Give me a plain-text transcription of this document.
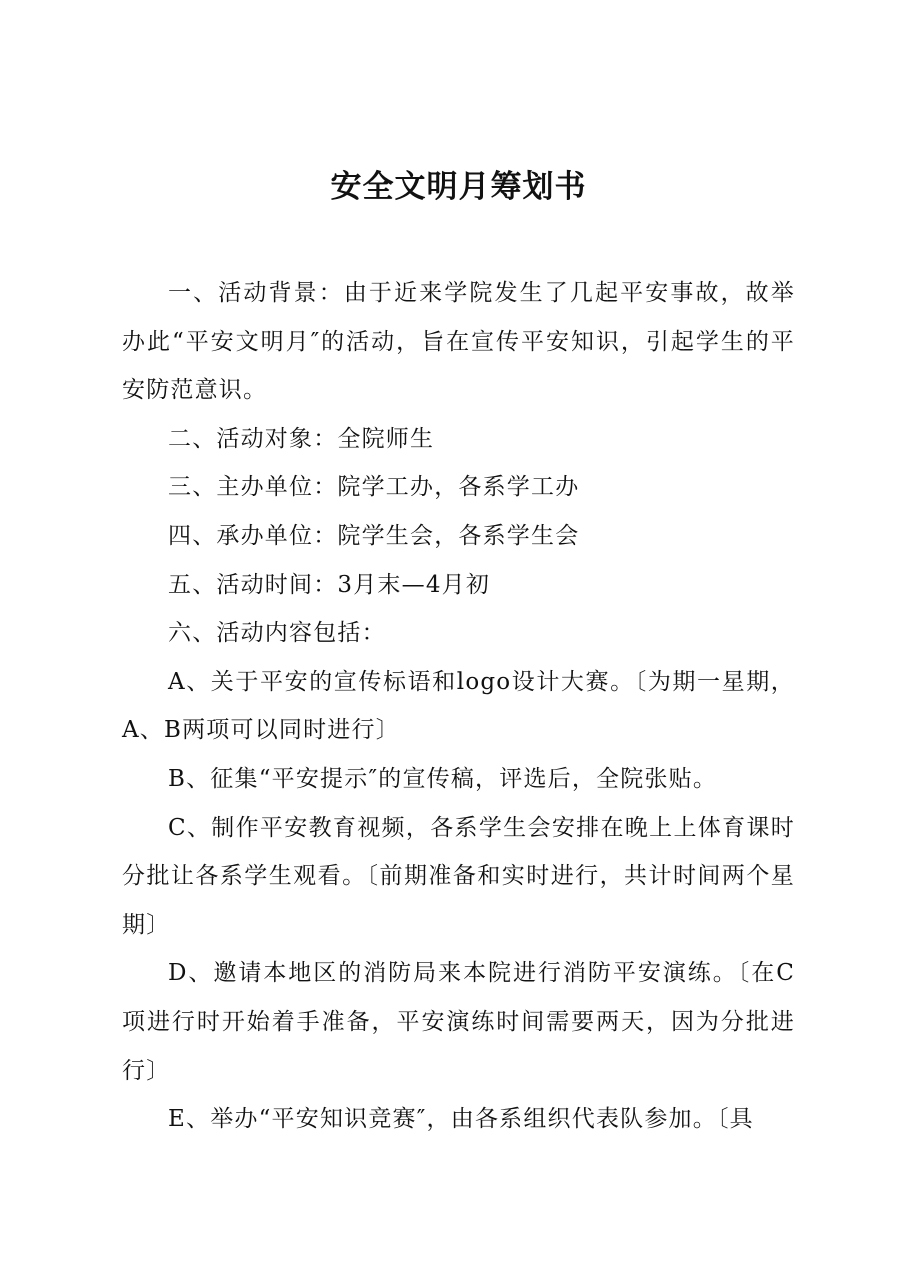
安全文明月筹划书

一、活动背景：由于近来学院发生了几起平安事故，故举办此“平安文明月″的活动，旨在宣传平安知识，引起学生的平安防范意识。

二、活动对象：全院师生

三、主办单位：院学工办，各系学工办

四、承办单位：院学生会，各系学生会

五、活动时间：3月末—4月初

六、活动内容包括：

A、关于平安的宣传标语和logo设计大赛。〔为期一星期，A、B两项可以同时进行〕

B、征集“平安提示″的宣传稿，评选后，全院张贴。

C、制作平安教育视频，各系学生会安排在晚上上体育课时分批让各系学生观看。〔前期准备和实时进行，共计时间两个星期〕

D、邀请本地区的消防局来本院进行消防平安演练。〔在C项进行时开始着手准备，平安演练时间需要两天，因为分批进行〕

E、举办“平安知识竞赛″，由各系组织代表队参加。〔具
